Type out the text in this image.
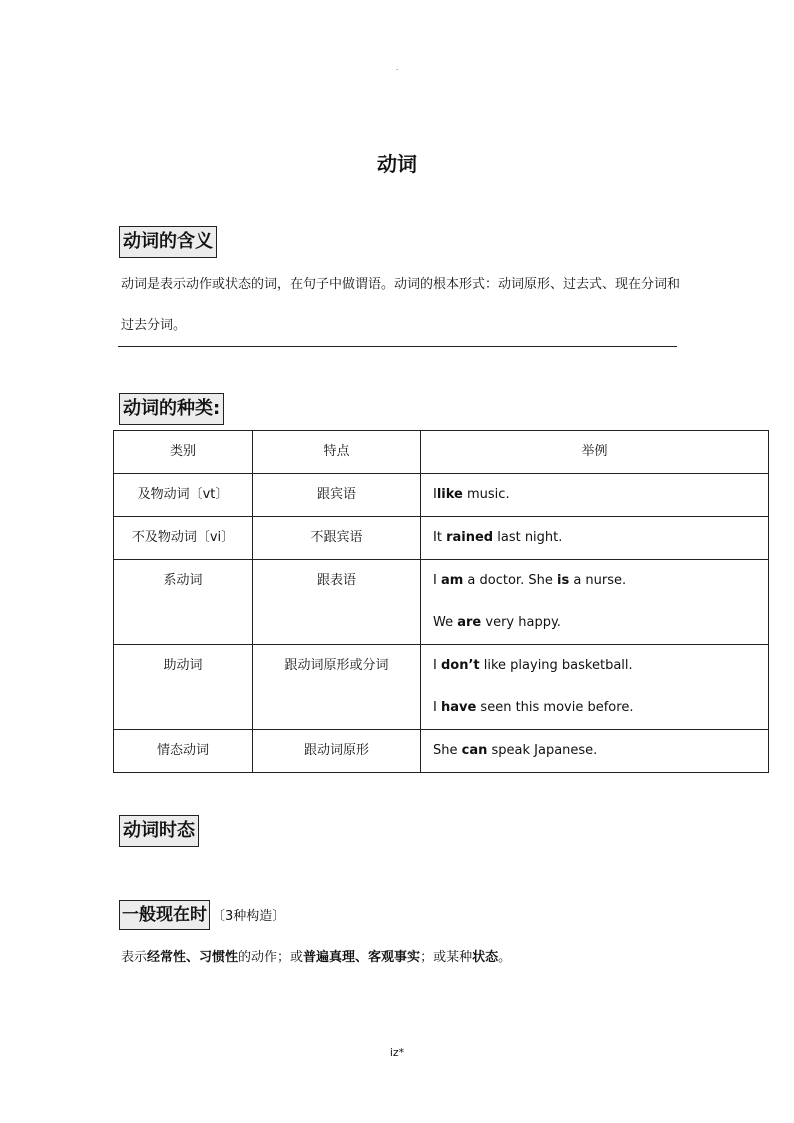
.
动词
动词的含义
动词是表示动作或状态的词，在句子中做谓语。动词的根本形式：动词原形、过去式、现在分词和过去分词。
动词的种类:
类别	特点	举例

及物动词〔vt〕	跟宾语	Ilike music.

不及物动词〔vi〕	不跟宾语	It rained last night.

系动词	跟表语	I am a doctor. She is a nurse.
We are very happy.

助动词	跟动词原形或分词	I don’t like playing basketball.
I have seen this movie before.

情态动词	跟动词原形	She can speak Japanese.
动词时态
一般现在时 〔3种构造〕
表示经常性、习惯性的动作；或普遍真理、客观事实；或某种状态。
iz*
